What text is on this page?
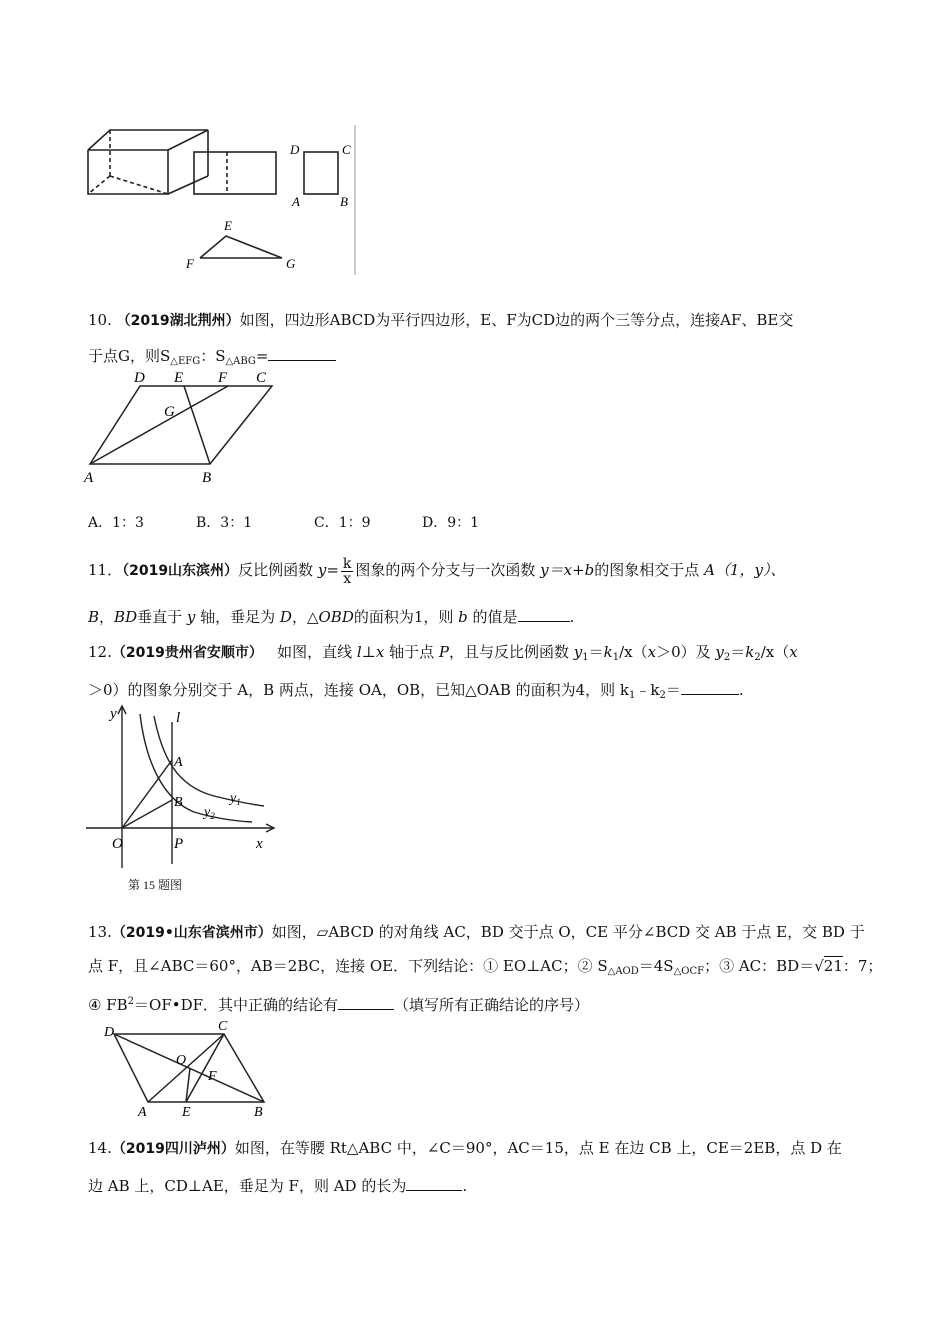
D	C
A	B
E
F	G
10. （2019湖北荆州）如图，四边形ABCD为平行四边形，E、F为CD边的两个三等分点，连接AF、BE交
于点G，则$S_{\triangle EFG}$：$S_{\triangle ABG}=$
D E F C
G
A	B
A．1：3	B．3：1	C．1：9	D．9：1
11．（2019山东滨州）反比例函数 $y= \frac{k}{x}$ 图象的两个分支与一次函数 y＝x+b的图象相交于点 A（1，y）、
B，BD垂直于 y 轴，垂足为 D，△OBD的面积为1，则 b 的值是	.
12.（2019贵州省安顺市） 如图，直线 l⊥x 轴于点 P，且与反比例函数 $y_1=k_1/x(x>0)$及 $y_2=k_2/x(x$
＞0）的图象分别交于 A，B 两点，连接 OA，OB，已知△OAB 的面积为4，则 $k_1﹣k_2=$	.
y	l
A
B	$y_1$
$y_2$
O	P	x
第 15 题图
13.（2019•山东省滨州市）如图，▱ABCD 的对角线 AC，BD 交于点 O，CE 平分∠BCD 交 AB 于点 E，交 BD 于
点 F，且∠ABC＝60°，AB＝2BC，连接 OE．下列结论：① EO⊥AC；② $S_{\triangle AOD}=4S_{\triangle OCF}$；③ AC：BD＝√21：7；
④ $FB^2=OF•DF$．其中正确的结论有	（填写所有正确结论的序号）
D	C
O
F
A	E	B
14.（2019四川泸州）如图，在等腰 Rt△ABC 中，∠C＝90°，AC＝15，点 E 在边 CB 上，CE＝2EB，点 D 在
边 AB 上，CD⊥AE，垂足为 F，则 AD 的长为	.
